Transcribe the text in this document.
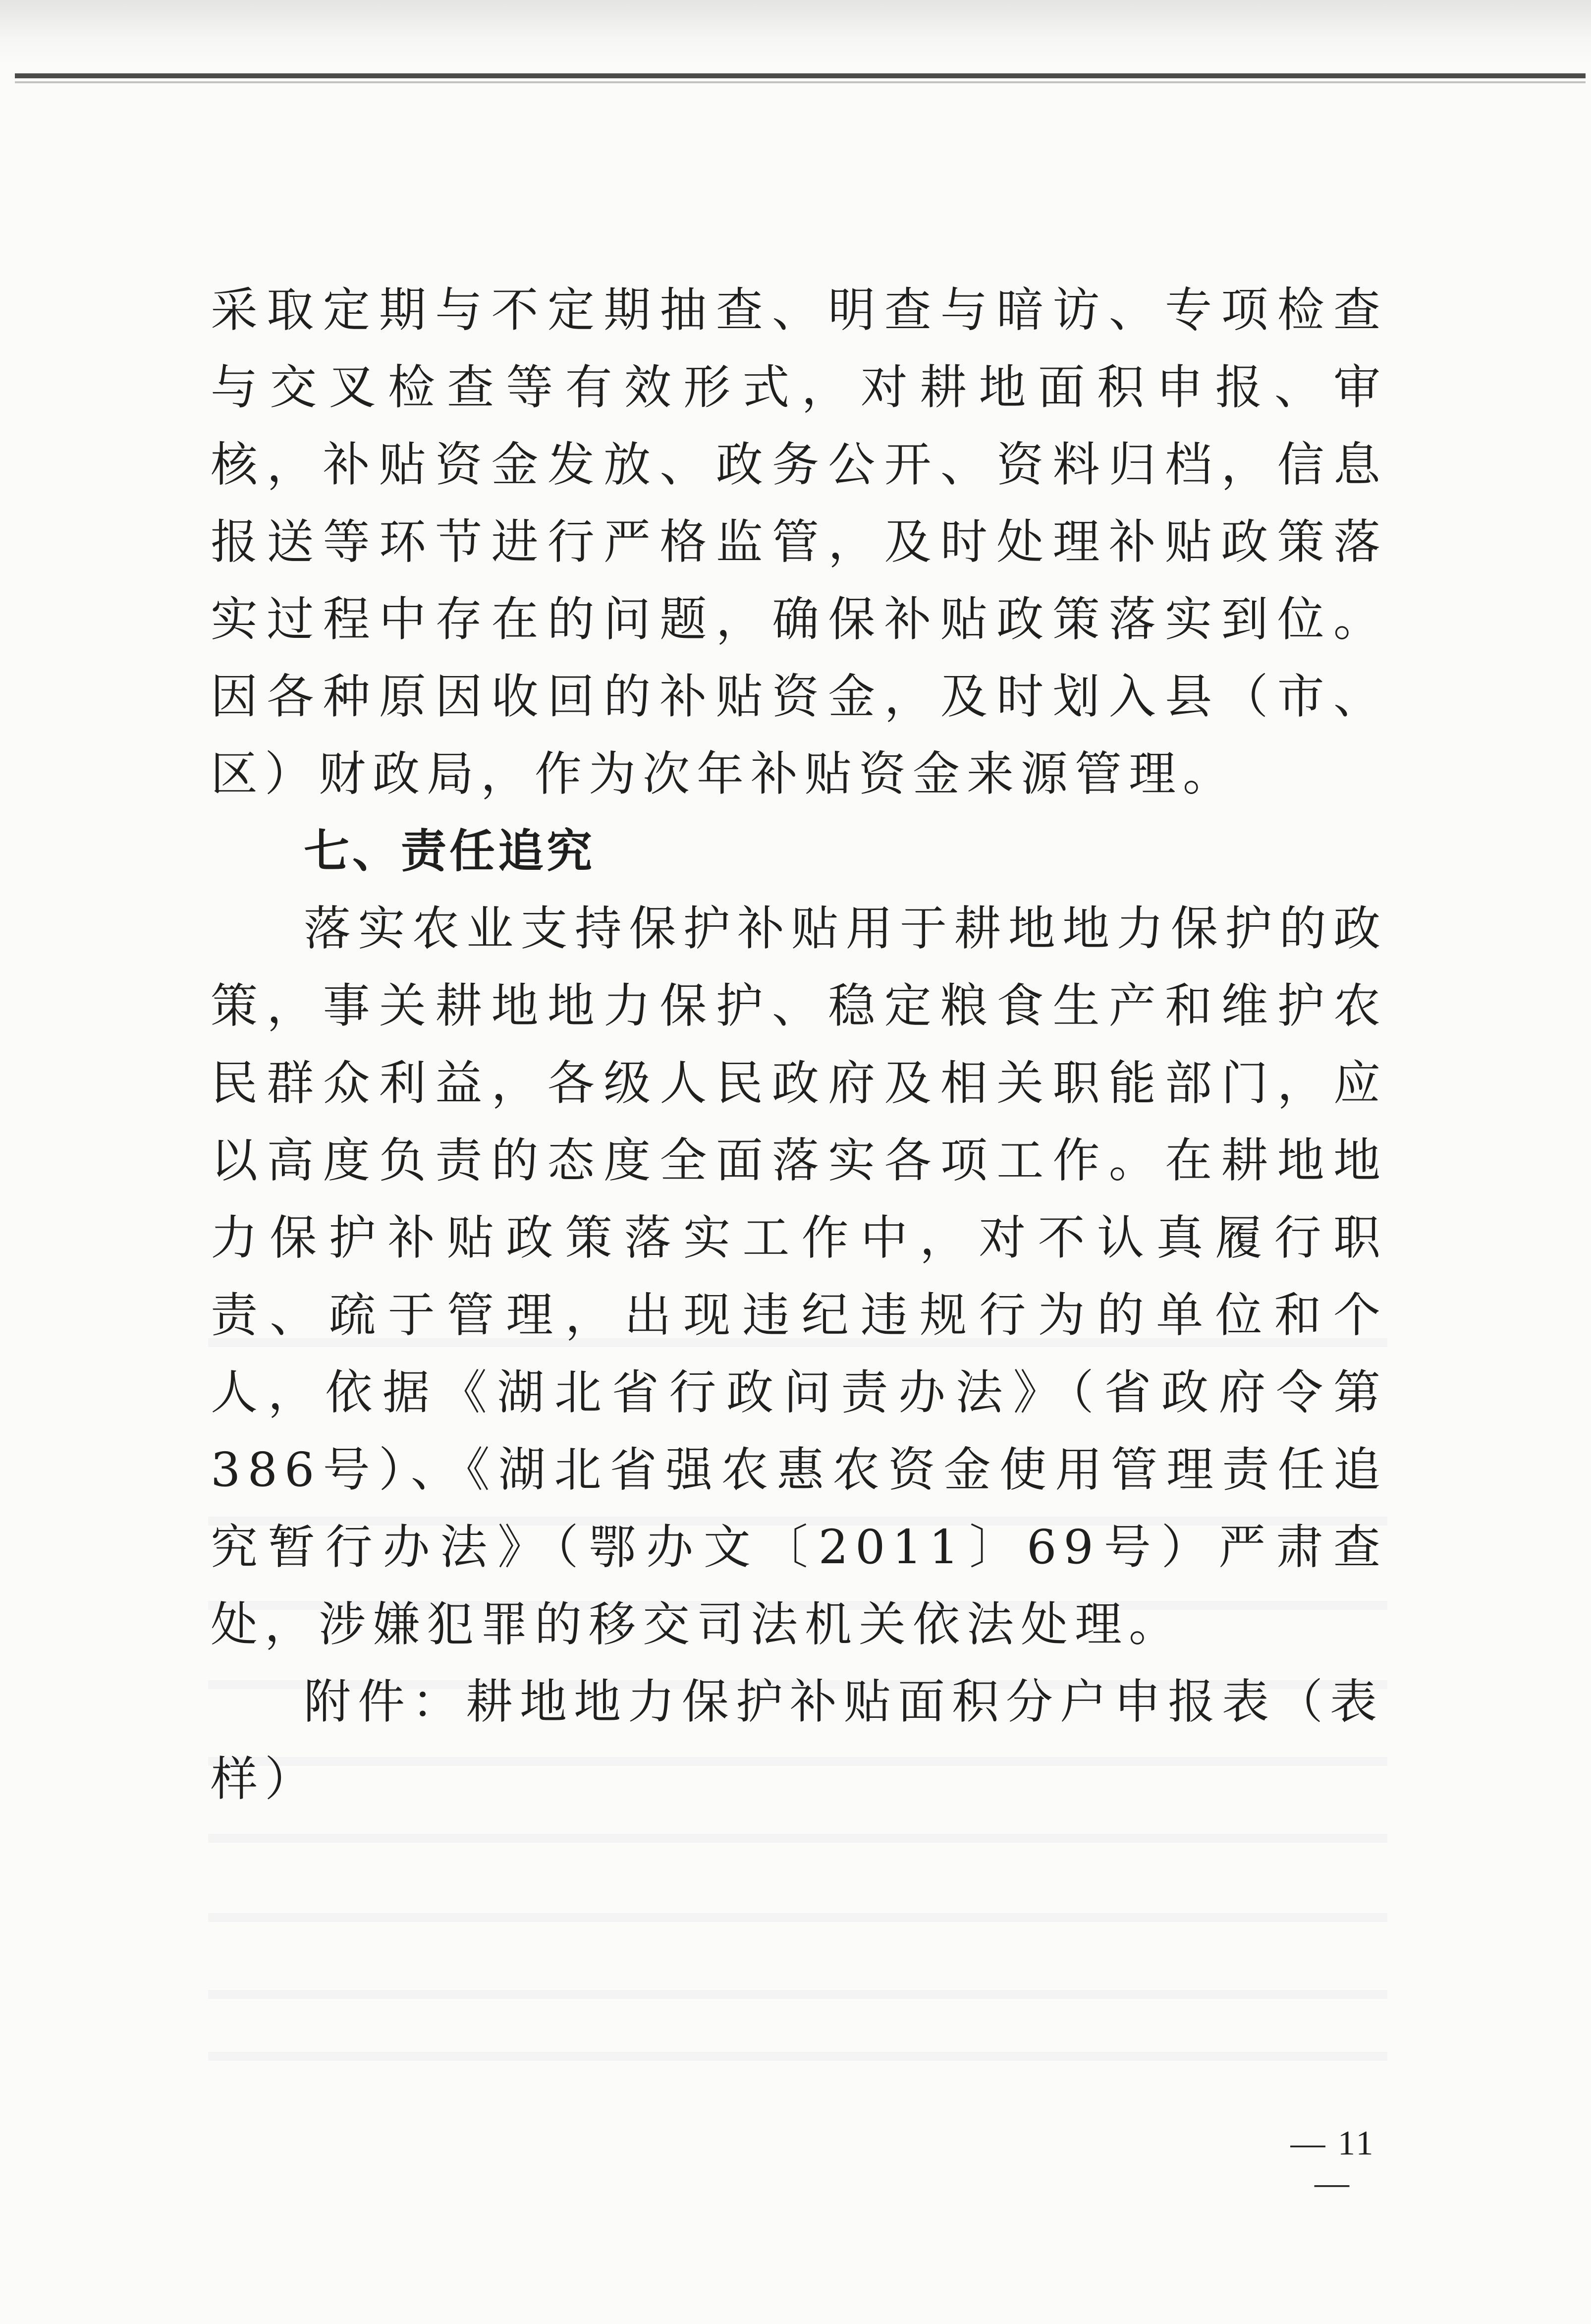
采取定期与不定期抽查、明查与暗访、专项检查与交叉检查等有效形式，对耕地面积申报、审核，补贴资金发放、政务公开、资料归档，信息报送等环节进行严格监管，及时处理补贴政策落实过程中存在的问题，确保补贴政策落实到位。因各种原因收回的补贴资金，及时划入县（市、区）财政局，作为次年补贴资金来源管理。

七、责任追究

落实农业支持保护补贴用于耕地地力保护的政策，事关耕地地力保护、稳定粮食生产和维护农民群众利益，各级人民政府及相关职能部门，应以高度负责的态度全面落实各项工作。在耕地地力保护补贴政策落实工作中，对不认真履行职责、疏于管理，出现违纪违规行为的单位和个人，依据《湖北省行政问责办法》（省政府令第386号）、《湖北省强农惠农资金使用管理责任追究暂行办法》（鄂办文〔2011〕69号）严肃查处，涉嫌犯罪的移交司法机关依法处理。

附件：耕地地力保护补贴面积分户申报表（表样）

— 11 —
